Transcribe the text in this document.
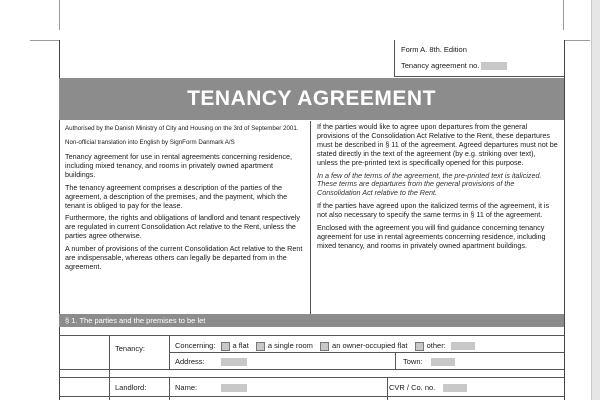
Form A. 8th. Edition
Tenancy agreement no.
TENANCY AGREEMENT

Authorised by the Danish Ministry of City and Housing on the 3rd of September 2001.

Non-official translation into English by SignForm Danmark A/S

Tenancy agreement for use in rental agreements concerning residence, including mixed tenancy, and rooms in privately owned apartment buildings.

The tenancy agreement comprises a description of the parties of the agreement, a description of the premises, and the payment, which the tenant is obliged to pay for the lease.

Furthermore, the rights and obligations of landlord and tenant respectively are regulated in current Consolidation Act relative to the Rent, unless the parties agree otherwise.

A number of provisions of the current Consolidation Act relative to the Rent are indispensable, whereas others can legally be departed from in the agreement.

If the parties would like to agree upon departures from the general provisions of the Consolidation Act Relative to the Rent, these departures must be described in § 11 of the agreement. Agreed departures must not be stated directly in the text of the agreement (by e.g. striking over text), unless the pre-printed text is specifically opened for this purpose.

In a few of the terms of the agreement, the pre-printed text is italicized. These terms are departures from the general provisions of the Consolidation Act relative to the Rent.

If the parties have agreed upon the italicized terms of the agreement, it is not also necessary to specify the same terms in § 11 of the agreement.

Enclosed with the agreement you will find guidance concerning tenancy agreement for use in rental agreements concerning residence, including mixed tenancy, and rooms in privately owned apartment buildings.

§ 1. The parties and the premises to be let
Tenancy:	Concerning: a flat	a single room	an owner-occupied flat	other:
Address:	Town:
Landlord:	Name:	CVR / Co. no.
